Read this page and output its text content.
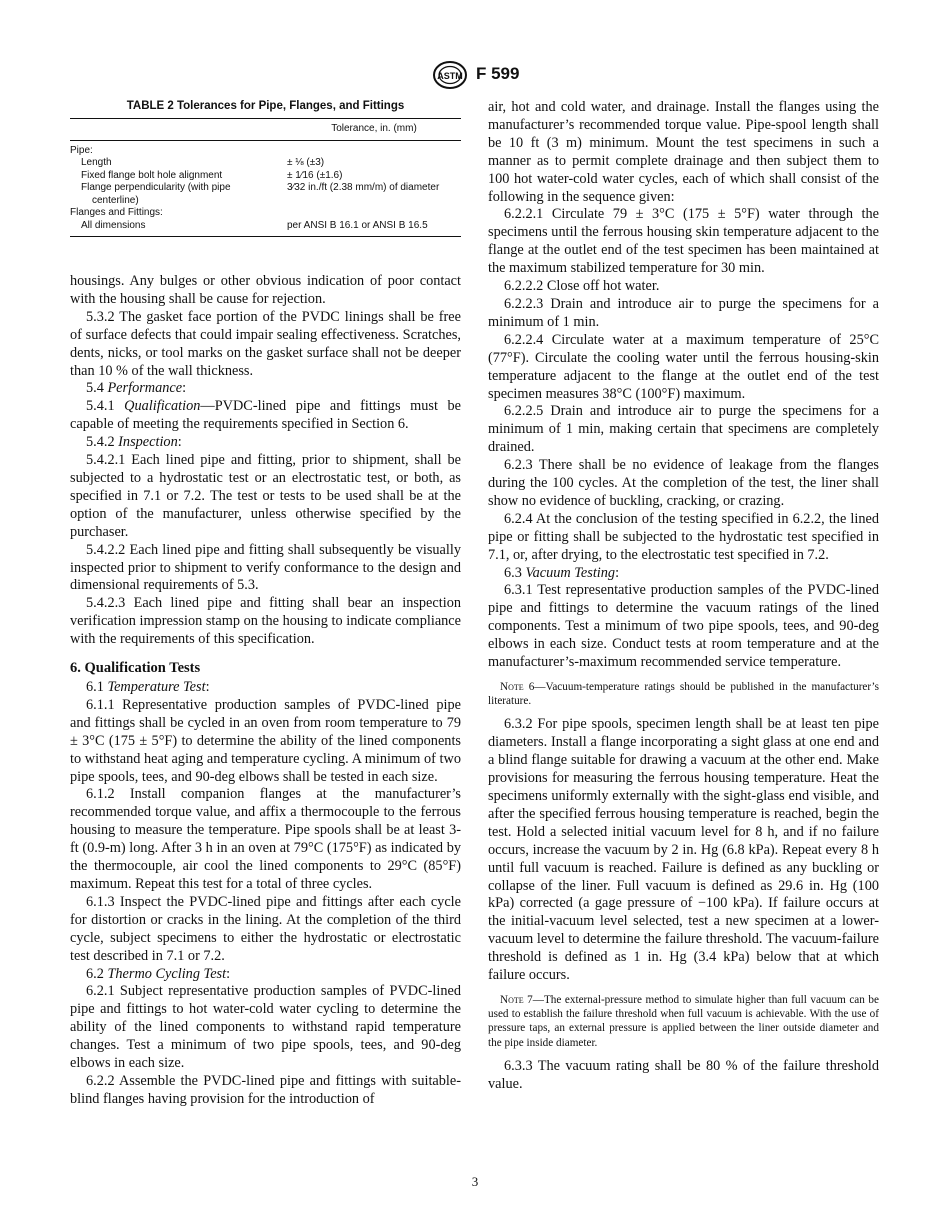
ASTM F 599
TABLE 2 Tolerances for Pipe, Flanges, and Fittings
	Tolerance, in. (mm)
Pipe:	
Length	± ⅛ (±3)
Fixed flange bolt hole alignment	± 1⁄16 (±1.6)
Flange perpendicularity (with pipe	3⁄32 in./ft (2.38 mm/m) of diameter
centerline)	
Flanges and Fittings:	
All dimensions	per ANSI B 16.1 or ANSI B 16.5

housings. Any bulges or other obvious indication of poor contact with the housing shall be cause for rejection.

5.3.2 The gasket face portion of the PVDC linings shall be free of surface defects that could impair sealing effectiveness. Scratches, dents, nicks, or tool marks on the gasket surface shall not be deeper than 10 % of the wall thickness.

5.4 Performance:

5.4.1 Qualification—PVDC-lined pipe and fittings must be capable of meeting the requirements specified in Section 6.

5.4.2 Inspection:

5.4.2.1 Each lined pipe and fitting, prior to shipment, shall be subjected to a hydrostatic test or an electrostatic test, or both, as specified in 7.1 or 7.2. The test or tests to be used shall be at the option of the manufacturer, unless otherwise specified by the purchaser.

5.4.2.2 Each lined pipe and fitting shall subsequently be visually inspected prior to shipment to verify conformance to the design and dimensional requirements of 5.3.

5.4.2.3 Each lined pipe and fitting shall bear an inspection verification impression stamp on the housing to indicate compliance with the requirements of this specification.

6. Qualification Tests

6.1 Temperature Test:

6.1.1 Representative production samples of PVDC-lined pipe and fittings shall be cycled in an oven from room temperature to 79 ± 3°C (175 ± 5°F) to determine the ability of the lined components to withstand heat aging and temperature cycling. A minimum of two pipe spools, tees, and 90-deg elbows shall be tested in each size.

6.1.2 Install companion flanges at the manufacturer’s recommended torque value, and affix a thermocouple to the ferrous housing to measure the temperature. Pipe spools shall be at least 3-ft (0.9-m) long. After 3 h in an oven at 79°C (175°F) as indicated by the thermocouple, air cool the lined components to 29°C (85°F) maximum. Repeat this test for a total of three cycles.

6.1.3 Inspect the PVDC-lined pipe and fittings after each cycle for distortion or cracks in the lining. At the completion of the third cycle, subject specimens to either the hydrostatic or electrostatic test described in 7.1 or 7.2.

6.2 Thermo Cycling Test:

6.2.1 Subject representative production samples of PVDC-lined pipe and fittings to hot water-cold water cycling to determine the ability of the lined components to withstand rapid temperature changes. Test a minimum of two pipe spools, tees, and 90-deg elbows in each size.

6.2.2 Assemble the PVDC-lined pipe and fittings with suitable-blind flanges having provision for the introduction of

air, hot and cold water, and drainage. Install the flanges using the manufacturer’s recommended torque value. Pipe-spool length shall be 10 ft (3 m) minimum. Mount the test specimens in such a manner as to permit complete drainage and then subject them to 100 hot water-cold water cycles, each of which shall consist of the following in the sequence given:

6.2.2.1 Circulate 79 ± 3°C (175 ± 5°F) water through the specimens until the ferrous housing skin temperature adjacent to the flange at the outlet end of the test specimen has been maintained at the maximum stabilized temperature for 30 min.

6.2.2.2 Close off hot water.

6.2.2.3 Drain and introduce air to purge the specimens for a minimum of 1 min.

6.2.2.4 Circulate water at a maximum temperature of 25°C (77°F). Circulate the cooling water until the ferrous housing-skin temperature adjacent to the flange at the outlet end of the test specimen measures 38°C (100°F) maximum.

6.2.2.5 Drain and introduce air to purge the specimens for a minimum of 1 min, making certain that specimens are completely drained.

6.2.3 There shall be no evidence of leakage from the flanges during the 100 cycles. At the completion of the test, the liner shall show no evidence of buckling, cracking, or crazing.

6.2.4 At the conclusion of the testing specified in 6.2.2, the lined pipe or fitting shall be subjected to the hydrostatic test specified in 7.1, or, after drying, to the electrostatic test specified in 7.2.

6.3 Vacuum Testing:

6.3.1 Test representative production samples of the PVDC-lined pipe and fittings to determine the vacuum ratings of the lined components. Test a minimum of two pipe spools, tees, and 90-deg elbows in each size. Conduct tests at room temperature and at the manufacturer’s-maximum recommended service temperature.

Note 6—Vacuum-temperature ratings should be published in the manufacturer’s literature.

6.3.2 For pipe spools, specimen length shall be at least ten pipe diameters. Install a flange incorporating a sight glass at one end and a blind flange suitable for drawing a vacuum at the other end. Make provisions for measuring the ferrous housing temperature. Heat the specimens uniformly externally with the sight-glass end visible, and after the specified ferrous housing temperature is reached, begin the test. Hold a selected initial vacuum level for 8 h, and if no failure occurs, increase the vacuum by 2 in. Hg (6.8 kPa). Repeat every 8 h until full vacuum is reached. Failure is defined as any buckling or collapse of the liner. Full vacuum is defined as 29.6 in. Hg (100 kPa) corrected (a gage pressure of −100 kPa). If failure occurs at the initial-vacuum level selected, test a new specimen at a lower-vacuum level to determine the failure threshold. The vacuum-failure threshold is defined as 1 in. Hg (3.4 kPa) below that at which failure occurs.

Note 7—The external-pressure method to simulate higher than full vacuum can be used to establish the failure threshold when full vacuum is achievable. With the use of pressure taps, an external pressure is applied between the liner outside diameter and the pipe inside diameter.

6.3.3 The vacuum rating shall be 80 % of the failure threshold value.

3
